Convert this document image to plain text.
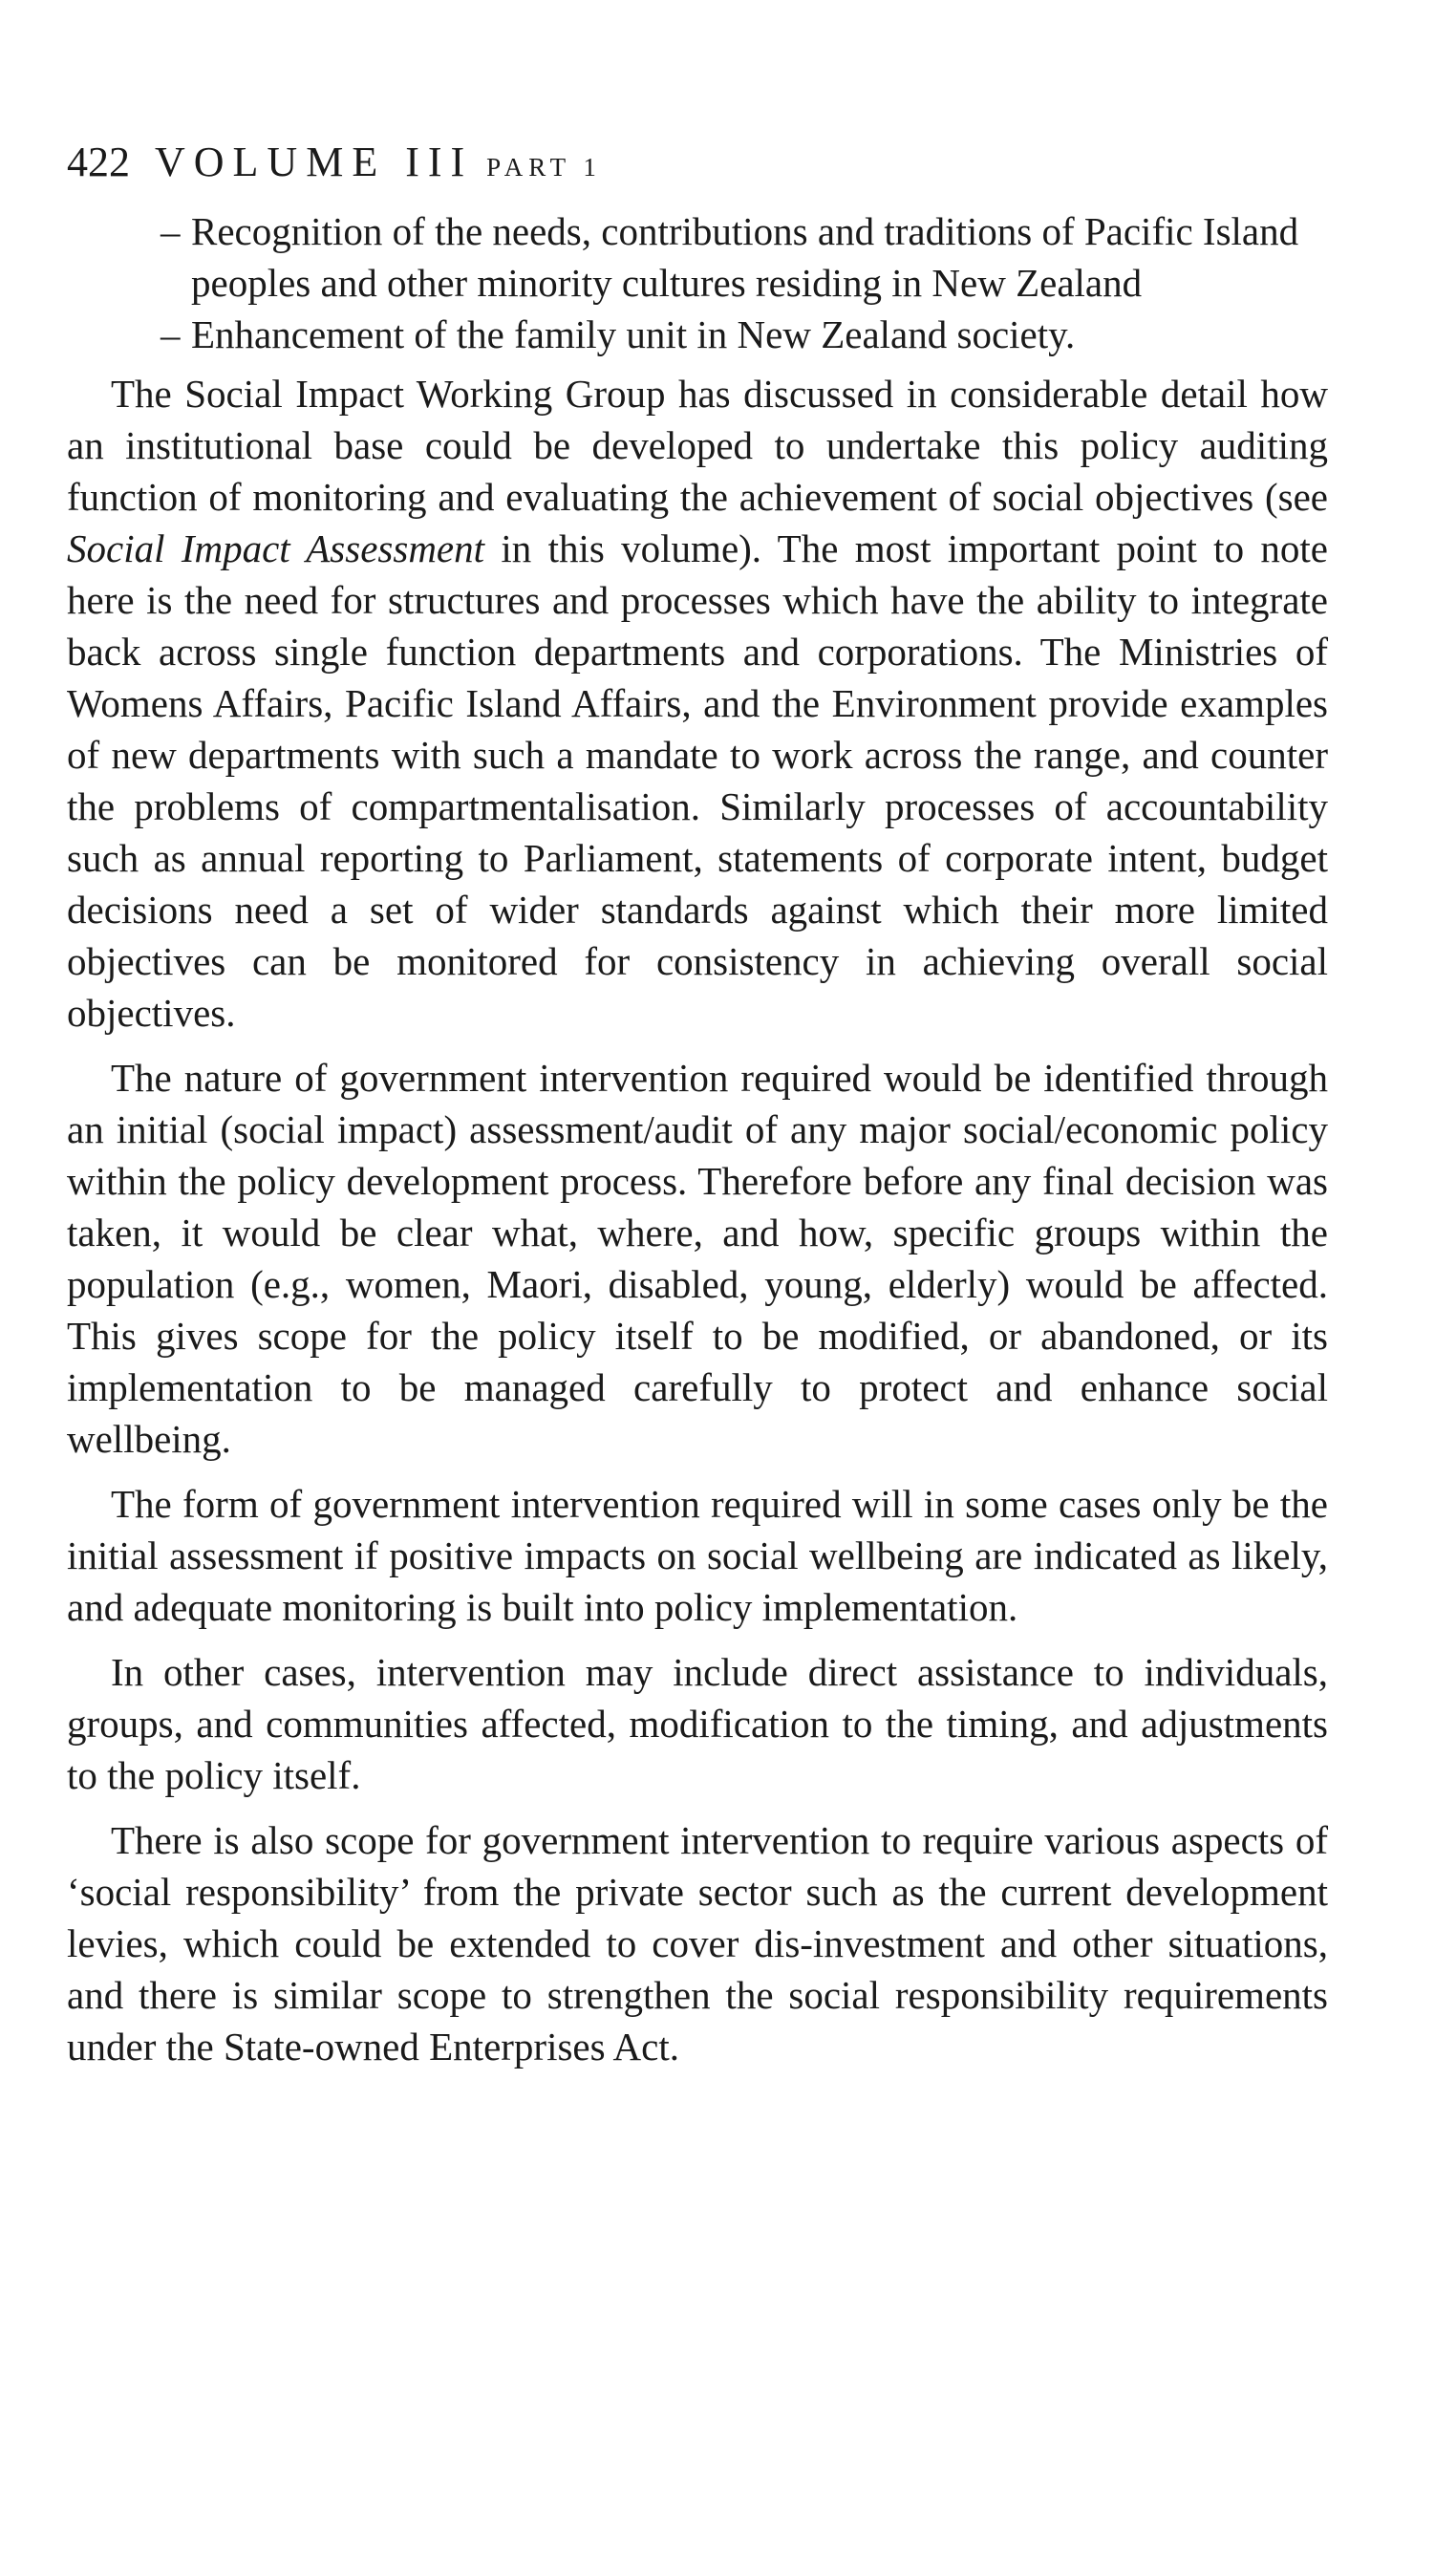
422 VOLUME III PART 1
– Recognition of the needs, contributions and traditions of Pacific Island peoples and other minority cultures residing in New Zealand
– Enhancement of the family unit in New Zealand society.

The Social Impact Working Group has discussed in considerable detail how an institutional base could be developed to undertake this policy auditing function of monitoring and evaluating the achievement of social objectives (see Social Impact Assessment in this volume). The most important point to note here is the need for structures and processes which have the ability to integrate back across single function departments and corporations. The Ministries of Womens Affairs, Pacific Island Affairs, and the Environment provide examples of new departments with such a mandate to work across the range, and counter the problems of compartmentalisation. Similarly processes of accountability such as annual reporting to Parliament, statements of corporate intent, budget decisions need a set of wider standards against which their more limited objectives can be monitored for consistency in achieving overall social objectives.

The nature of government intervention required would be identified through an initial (social impact) assessment/audit of any major social/economic policy within the policy development process. Therefore before any final decision was taken, it would be clear what, where, and how, specific groups within the population (e.g., women, Maori, disabled, young, elderly) would be affected. This gives scope for the policy itself to be modified, or abandoned, or its implementation to be managed carefully to protect and enhance social wellbeing.

The form of government intervention required will in some cases only be the initial assessment if positive impacts on social wellbeing are indicated as likely, and adequate monitoring is built into policy implementation.

In other cases, intervention may include direct assistance to individuals, groups, and communities affected, modification to the timing, and adjustments to the policy itself.

There is also scope for government intervention to require various aspects of ‘social responsibility’ from the private sector such as the current development levies, which could be extended to cover dis-investment and other situations, and there is similar scope to strengthen the social responsibility requirements under the State-owned Enterprises Act.
